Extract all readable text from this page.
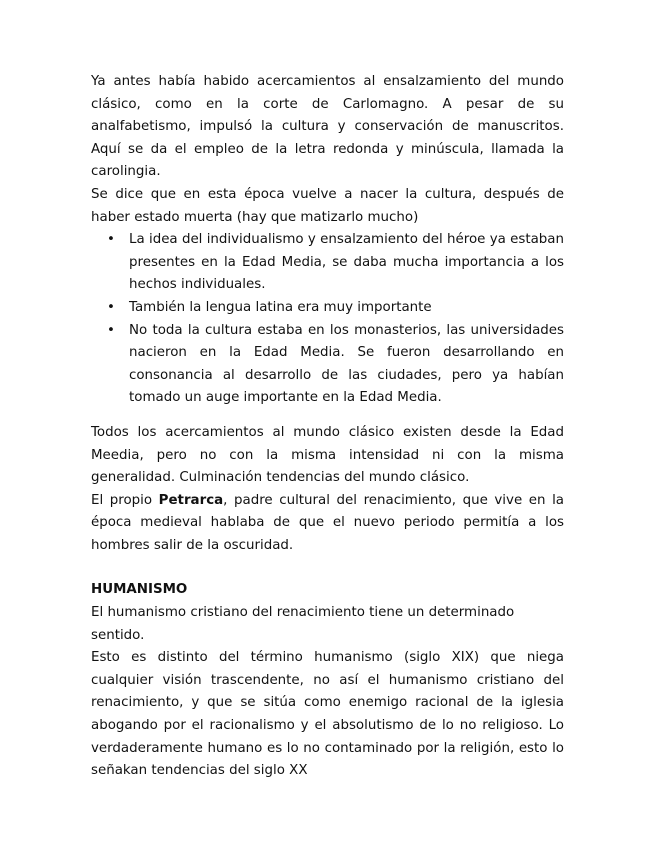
Ya antes había habido acercamientos al ensalzamiento del mundo clásico, como en la corte de Carlomagno. A pesar de su analfabetismo, impulsó la cultura y conservación de manuscritos. Aquí se da el empleo de la letra redonda y minúscula, llamada la carolingia.

Se dice que en esta época vuelve a nacer la cultura, después de haber estado muerta (hay que matizarlo mucho)

• La idea del individualismo y ensalzamiento del héroe ya estaban presentes en la Edad Media, se daba mucha importancia a los hechos individuales.
• También la lengua latina era muy importante
• No toda la cultura estaba en los monasterios, las universidades nacieron en la Edad Media. Se fueron desarrollando en consonancia al desarrollo de las ciudades, pero ya habían tomado un auge importante en la Edad Media.

Todos los acercamientos al mundo clásico existen desde la Edad Meedia, pero no con la misma intensidad ni con la misma generalidad. Culminación tendencias del mundo clásico.

El propio Petrarca, padre cultural del renacimiento, que vive en la época medieval hablaba de que el nuevo periodo permitía a los hombres salir de la oscuridad.

HUMANISMO

El humanismo cristiano del renacimiento tiene un determinado sentido.

Esto es distinto del término humanismo (siglo XIX) que niega cualquier visión trascendente, no así el humanismo cristiano del renacimiento, y que se sitúa como enemigo racional de la iglesia abogando por el racionalismo y el absolutismo de lo no religioso. Lo verdaderamente humano es lo no contaminado por la religión, esto lo señakan tendencias del siglo XX
